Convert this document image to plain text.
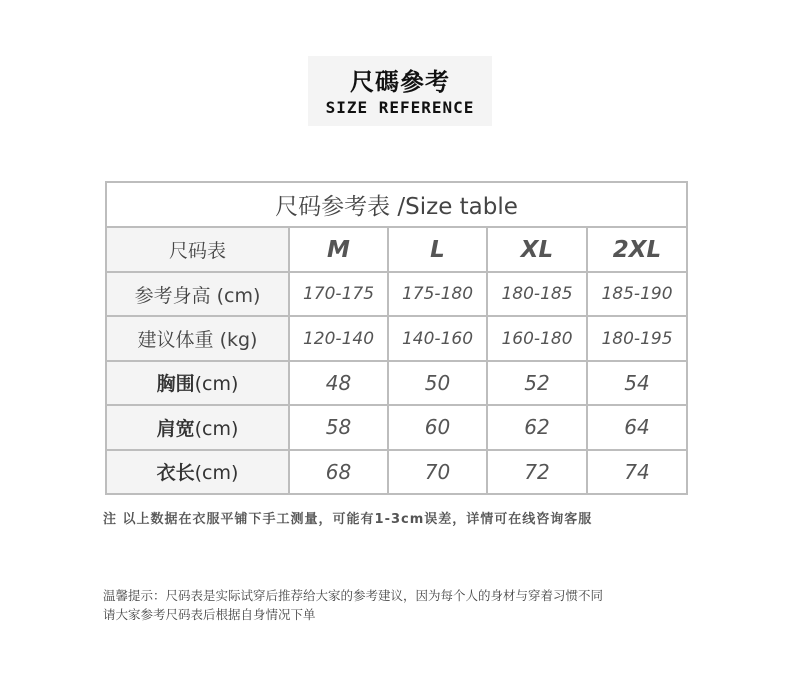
尺碼參考
SIZE REFERENCE
尺码参考表 /Size table				
尺码表	M	L	XL	2XL
参考身高 (cm)	170-175	175-180	180-185	185-190
建议体重 (kg)	120-140	140-160	160-180	180-195
胸围(cm)	48	50	52	54
肩宽(cm)	58	60	62	64
衣长(cm)	68	70	72	74
注 以上数据在衣服平铺下手工测量，可能有1-3cm误差，详情可在线咨询客服
温馨提示：尺码表是实际试穿后推荐给大家的参考建议，因为每个人的身材与穿着习惯不同
请大家参考尺码表后根据自身情况下单
